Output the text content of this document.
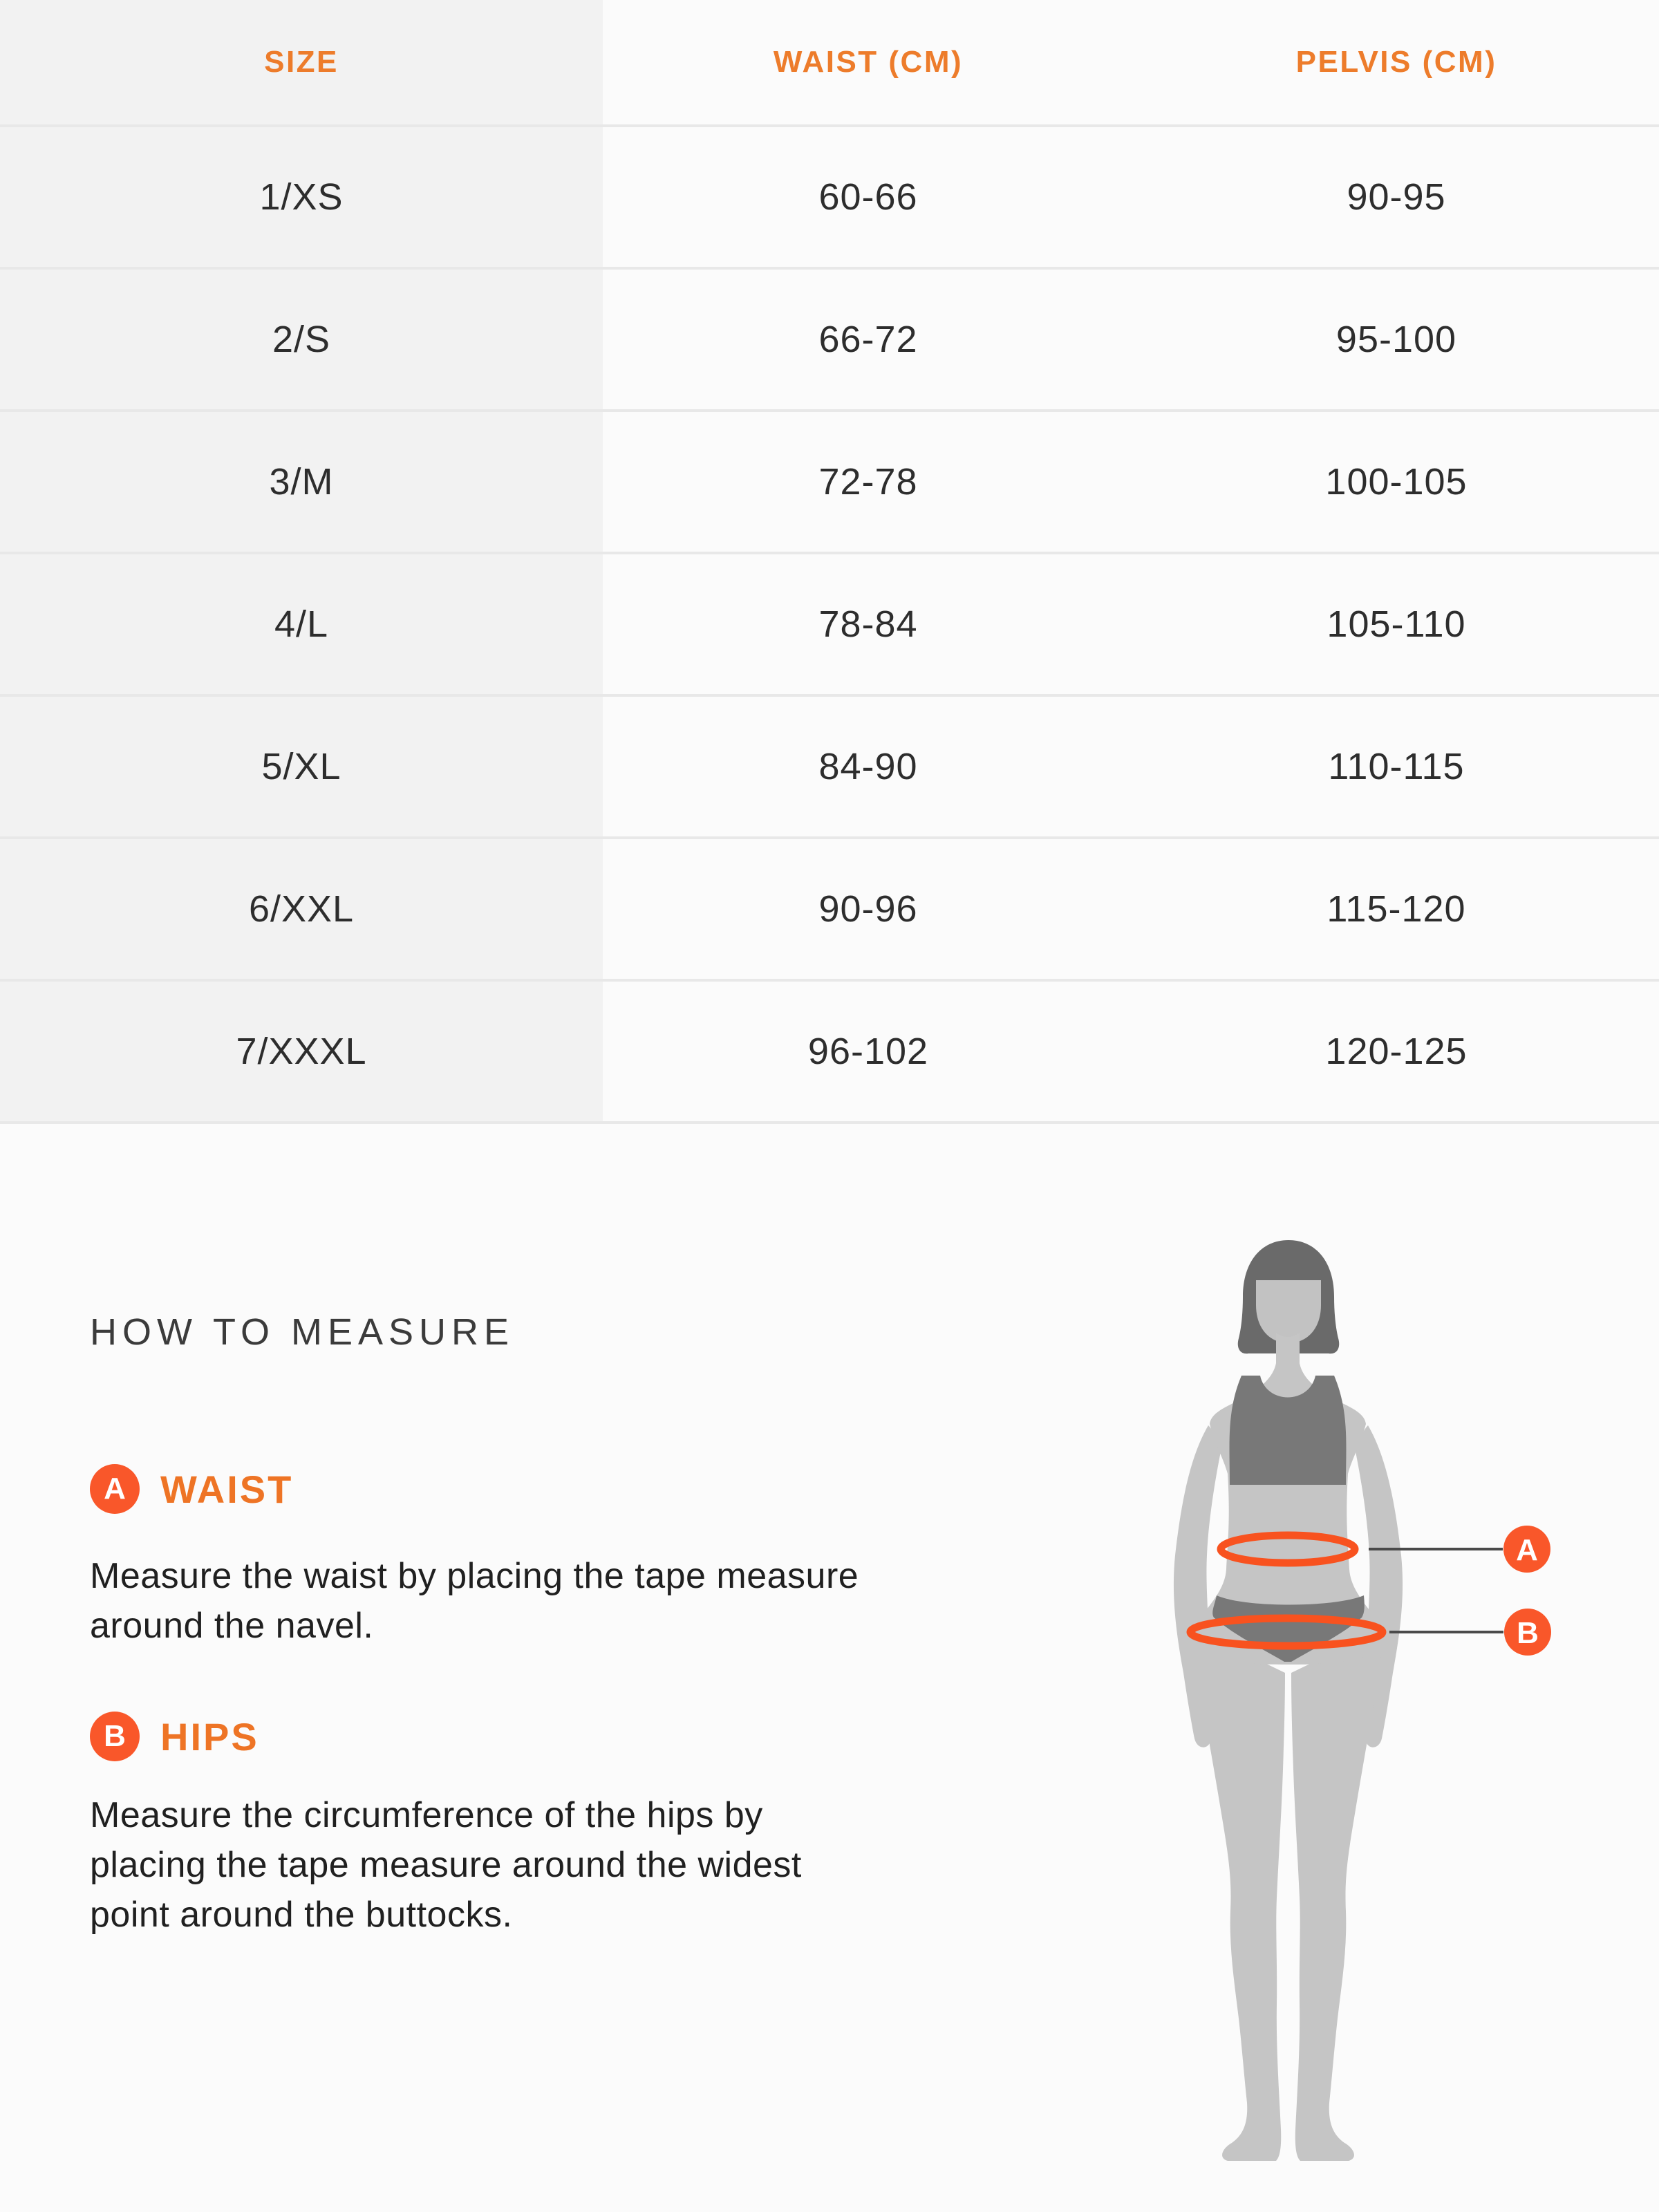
SIZE	WAIST (CM)	PELVIS (CM)
1/XS	60-66	90-95
2/S	66-72	95-100
3/M	72-78	100-105
4/L	78-84	105-110
5/XL	84-90	110-115
6/XXL	90-96	115-120
7/XXXL	96-102	120-125
HOW TO MEASURE
A WAIST

Measure the waist by placing the tape measure
around the navel.

B HIPS

Measure the circumference of the hips by
placing the tape measure around the widest
point around the buttocks.

A
B
